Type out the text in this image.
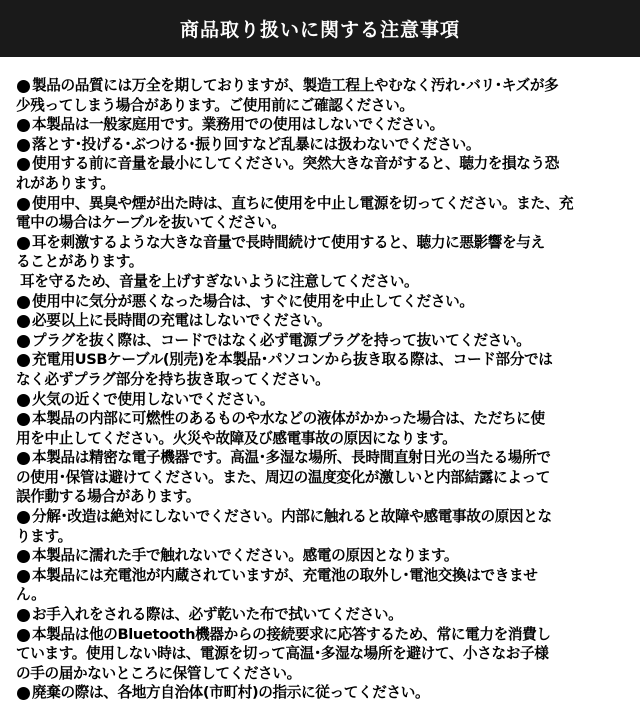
商品取り扱いに関する注意事項
製品の品質には万全を期しておりますが、製造工程上やむなく汚れ･バリ･キズが多
少残ってしまう場合があります。ご使用前にご確認ください。
本製品は一般家庭用です。業務用での使用はしないでください。
落とす･投げる･ぶつける･振り回すなど乱暴には扱わないでください。
使用する前に音量を最小にしてください。突然大きな音がすると、聴力を損なう恐
れがあります。
使用中、異臭や煙が出た時は、直ちに使用を中止し電源を切ってください。また、充
電中の場合はケーブルを抜いてください。
耳を刺激するような大きな音量で長時間続けて使用すると、聴力に悪影響を与え
ることがあります。
耳を守るため、音量を上げすぎないように注意してください。
使用中に気分が悪くなった場合は、すぐに使用を中止してください。
必要以上に長時間の充電はしないでください。
プラグを抜く際は、コードではなく必ず電源プラグを持って抜いてください。
充電用USBケーブル(別売)を本製品･パソコンから抜き取る際は、コード部分では
なく必ずプラグ部分を持ち抜き取ってください。
火気の近くで使用しないでください。
本製品の内部に可燃性のあるものや水などの液体がかかった場合は、ただちに使
用を中止してください。火災や故障及び感電事故の原因になります。
本製品は精密な電子機器です。高温･多湿な場所、長時間直射日光の当たる場所で
の使用･保管は避けてください。また、周辺の温度変化が激しいと内部結露によって
誤作動する場合があります。
分解･改造は絶対にしないでください。内部に触れると故障や感電事故の原因とな
ります。
本製品に濡れた手で触れないでください。感電の原因となります。
本製品には充電池が内蔵されていますが、充電池の取外し･電池交換はできませ
ん。
お手入れをされる際は、必ず乾いた布で拭いてください。
本製品は他のBluetooth機器からの接続要求に応答するため、常に電力を消費し
ています。使用しない時は、電源を切って高温･多湿な場所を避けて、小さなお子様
の手の届かないところに保管してください。
廃棄の際は、各地方自治体(市町村)の指示に従ってください。
